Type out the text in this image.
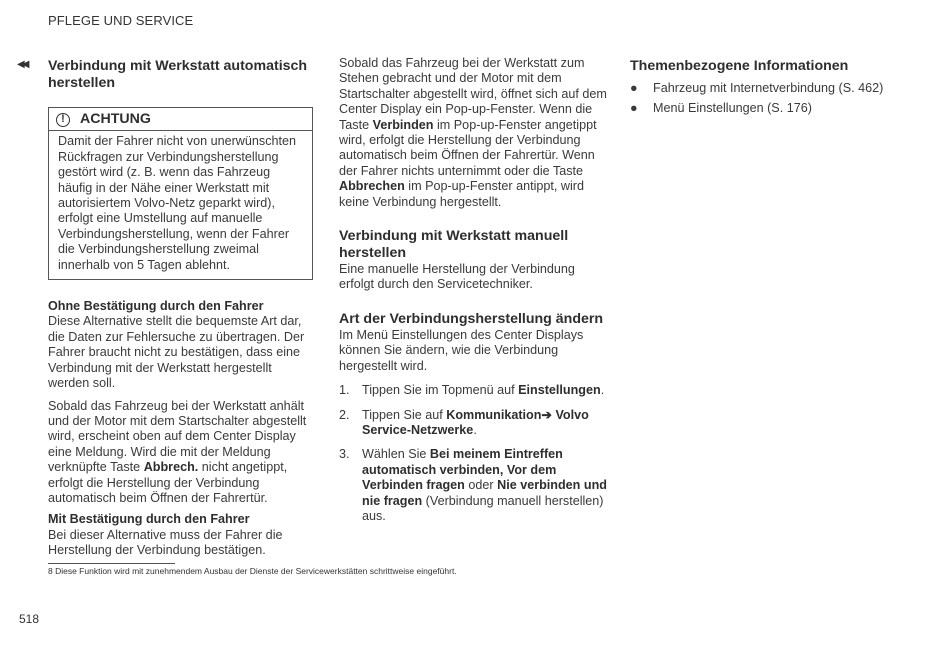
PFLEGE UND SERVICE
◀◀ Verbindung mit Werkstatt automatisch herstellen
!	ACHTUNG
Damit der Fahrer nicht von unerwünschten Rückfragen zur Verbindungsherstellung gestört wird (z. B. wenn das Fahrzeug häufig in der Nähe einer Werkstatt mit autorisiertem Volvo-Netz geparkt wird), erfolgt eine Umstellung auf manuelle Verbindungsherstellung, wenn der Fahrer die Verbindungsherstellung zweimal innerhalb von 5 Tagen ablehnt.
Ohne Bestätigung durch den Fahrer

Diese Alternative stellt die bequemste Art dar, die Daten zur Fehlersuche zu übertragen. Der Fahrer braucht nicht zu bestätigen, dass eine Verbindung mit der Werkstatt hergestellt werden soll.

Sobald das Fahrzeug bei der Werkstatt anhält und der Motor mit dem Startschalter abgestellt wird, erscheint oben auf dem Center Display eine Meldung. Wird die mit der Meldung verknüpfte Taste Abbrech. nicht angetippt, erfolgt die Herstellung der Verbindung automatisch beim Öffnen der Fahrertür.

Mit Bestätigung durch den Fahrer

Bei dieser Alternative muss der Fahrer die Herstellung der Verbindung bestätigen.

Sobald das Fahrzeug bei der Werkstatt zum Stehen gebracht und der Motor mit dem Startschalter abgestellt wird, öffnet sich auf dem Center Display ein Pop-up-Fenster. Wenn die Taste Verbinden im Pop-up-Fenster angetippt wird, erfolgt die Herstellung der Verbindung automatisch beim Öffnen der Fahrertür. Wenn der Fahrer nichts unternimmt oder die Taste Abbrechen im Pop-up-Fenster antippt, wird keine Verbindung hergestellt.

Verbindung mit Werkstatt manuell herstellen

Eine manuelle Herstellung der Verbindung erfolgt durch den Servicetechniker.

Art der Verbindungsherstellung ändern

Im Menü Einstellungen des Center Displays können Sie ändern, wie die Verbindung hergestellt wird.

1. Tippen Sie im Topmenü auf Einstellungen.
2. Tippen Sie auf Kommunikation➔ Volvo Service-Netzwerke.
3. Wählen Sie Bei meinem Eintreffen automatisch verbinden, Vor dem Verbinden fragen oder Nie verbinden und nie fragen (Verbindung manuell herstellen) aus.
Themenbezogene Informationen
●	Fahrzeug mit Internetverbindung (S. 462)
●	Menü Einstellungen (S. 176)
8 Diese Funktion wird mit zunehmendem Ausbau der Dienste der Servicewerkstätten schrittweise eingeführt.
518
